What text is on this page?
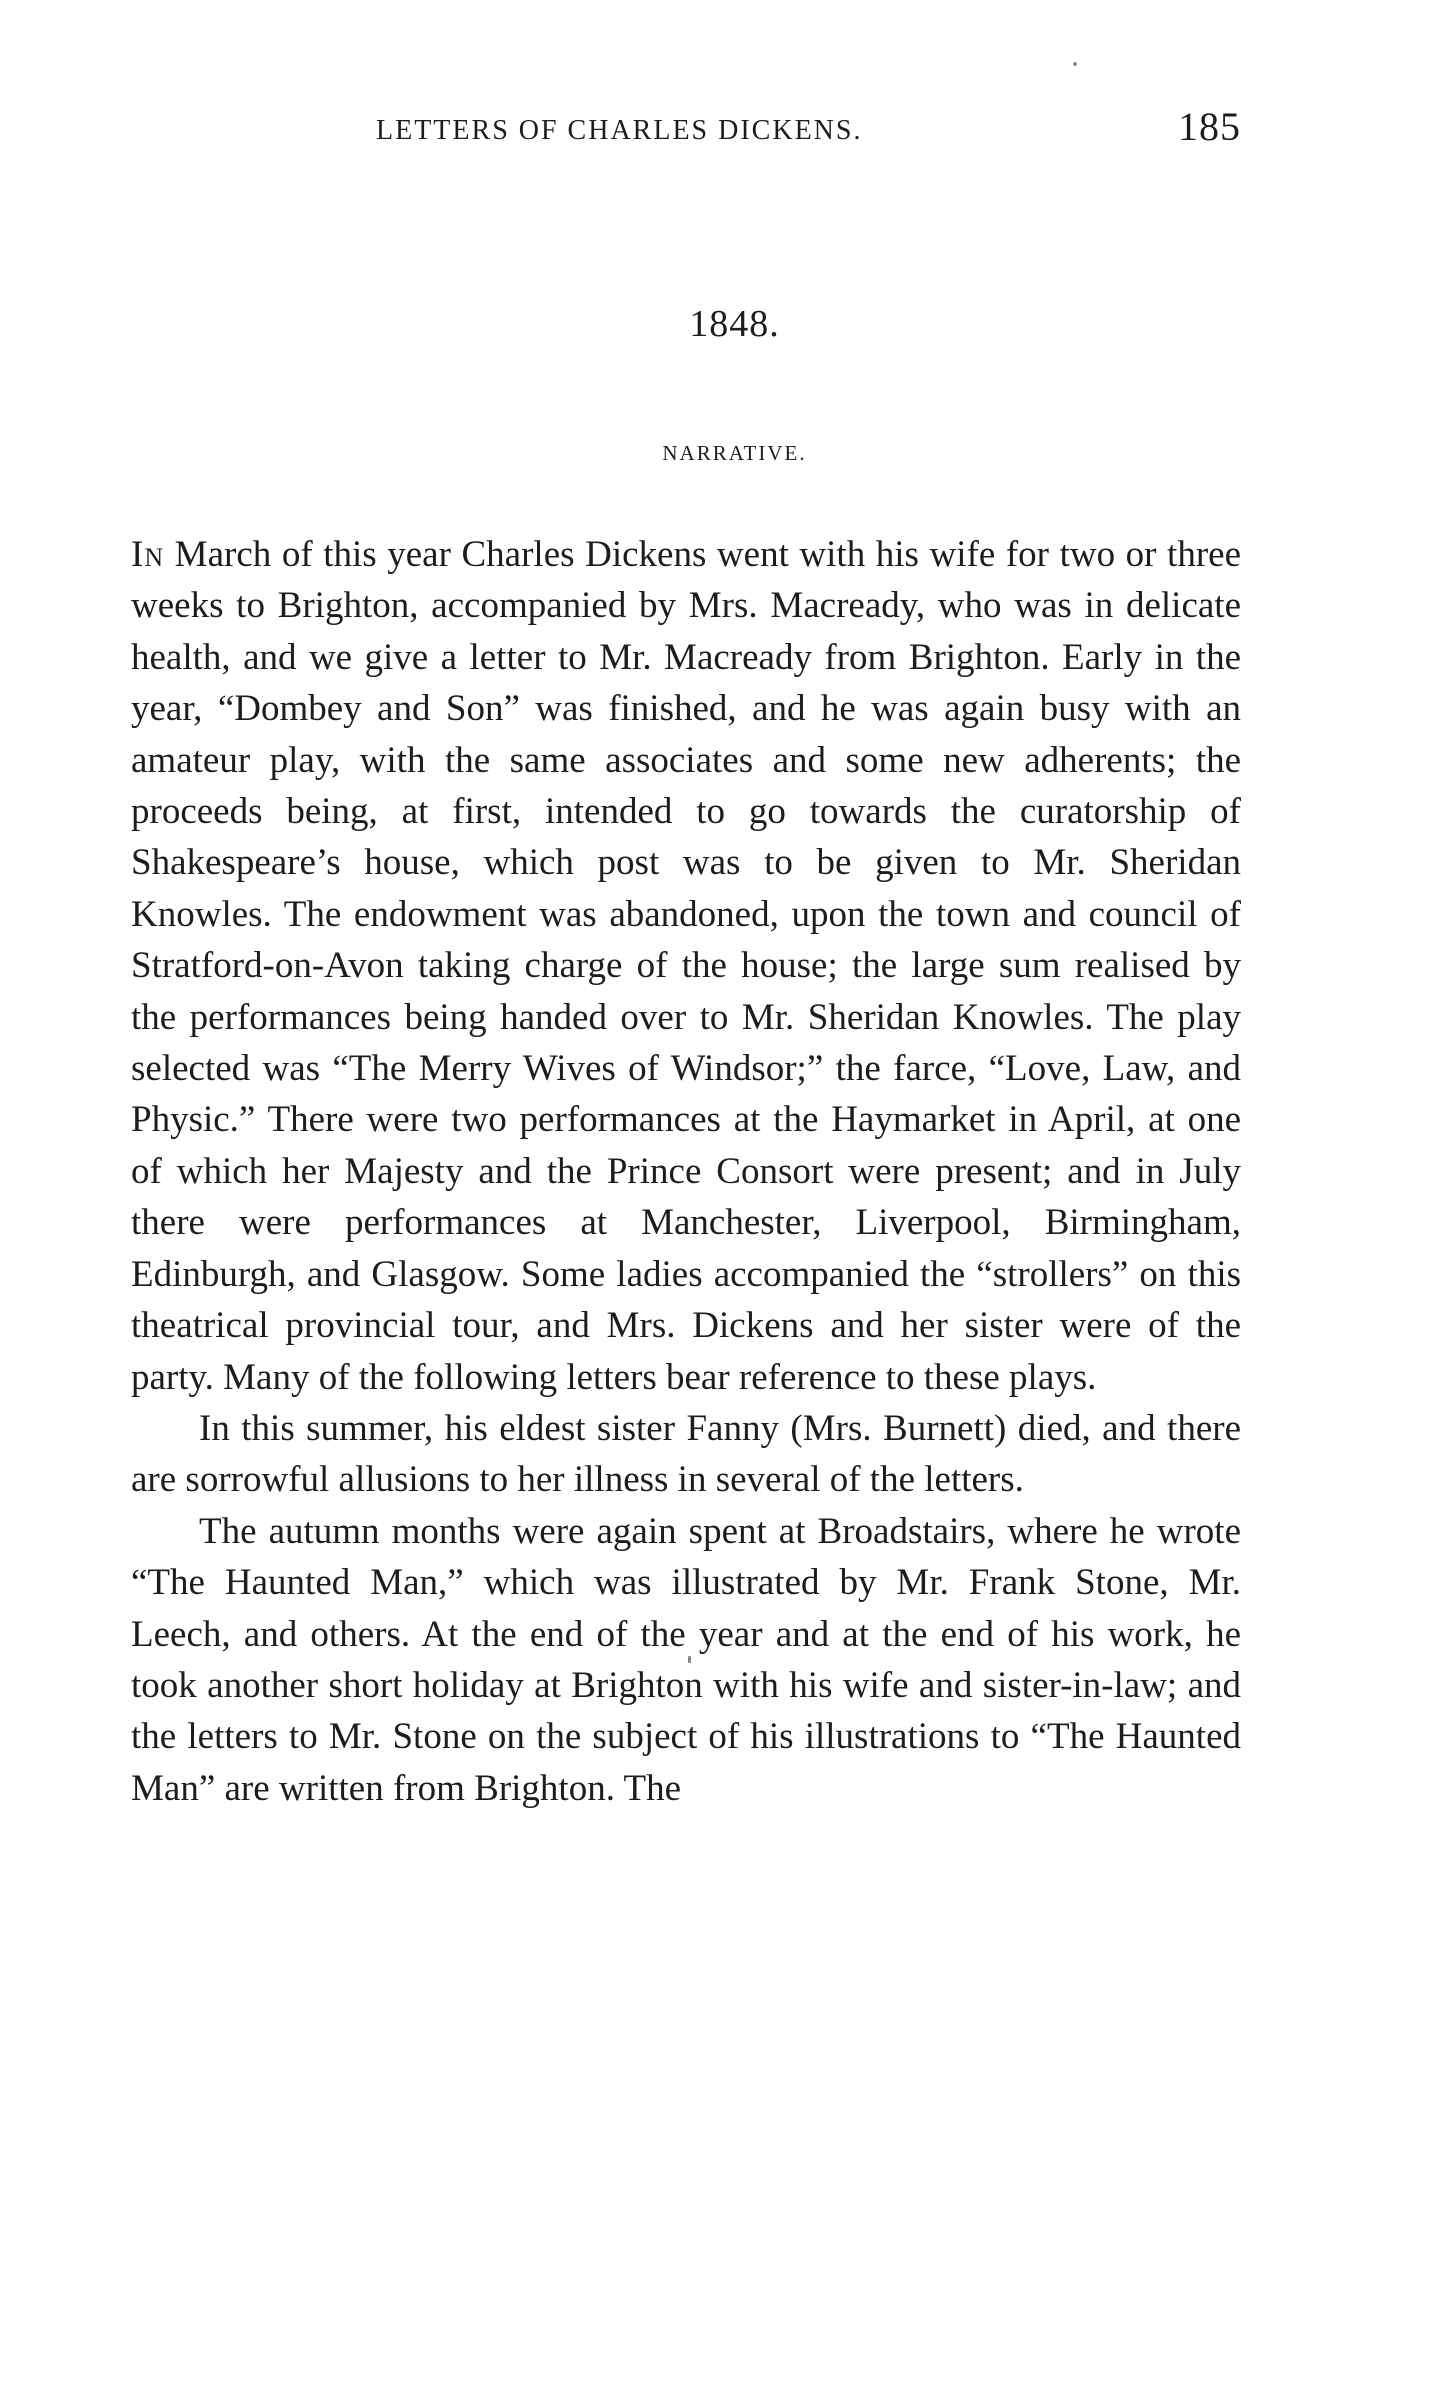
LETTERS OF CHARLES DICKENS.	185
1848.
NARRATIVE.

In March of this year Charles Dickens went with his wife for two or three weeks to Brighton, accompanied by Mrs. Macready, who was in delicate health, and we give a letter to Mr. Macready from Brighton. Early in the year, “Dombey and Son” was finished, and he was again busy with an amateur play, with the same associates and some new adherents; the proceeds being, at first, intended to go towards the curatorship of Shakespeare’s house, which post was to be given to Mr. Sheridan Knowles. The endowment was abandoned, upon the town and council of Stratford-on-Avon taking charge of the house; the large sum realised by the performances being handed over to Mr. Sheridan Knowles. The play selected was “The Merry Wives of Windsor;” the farce, “Love, Law, and Physic.” There were two performances at the Haymarket in April, at one of which her Majesty and the Prince Consort were present; and in July there were performances at Manchester, Liverpool, Birmingham, Edinburgh, and Glasgow. Some ladies accompanied the “strollers” on this theatrical provincial tour, and Mrs. Dickens and her sister were of the party. Many of the following letters bear reference to these plays.

In this summer, his eldest sister Fanny (Mrs. Burnett) died, and there are sorrowful allusions to her illness in several of the letters.

The autumn months were again spent at Broadstairs, where he wrote “The Haunted Man,” which was illustrated by Mr. Frank Stone, Mr. Leech, and others. At the end of the year and at the end of his work, he took another short holiday at Brighton with his wife and sister-in-law; and the letters to Mr. Stone on the subject of his illustrations to “The Haunted Man” are written from Brighton. The
